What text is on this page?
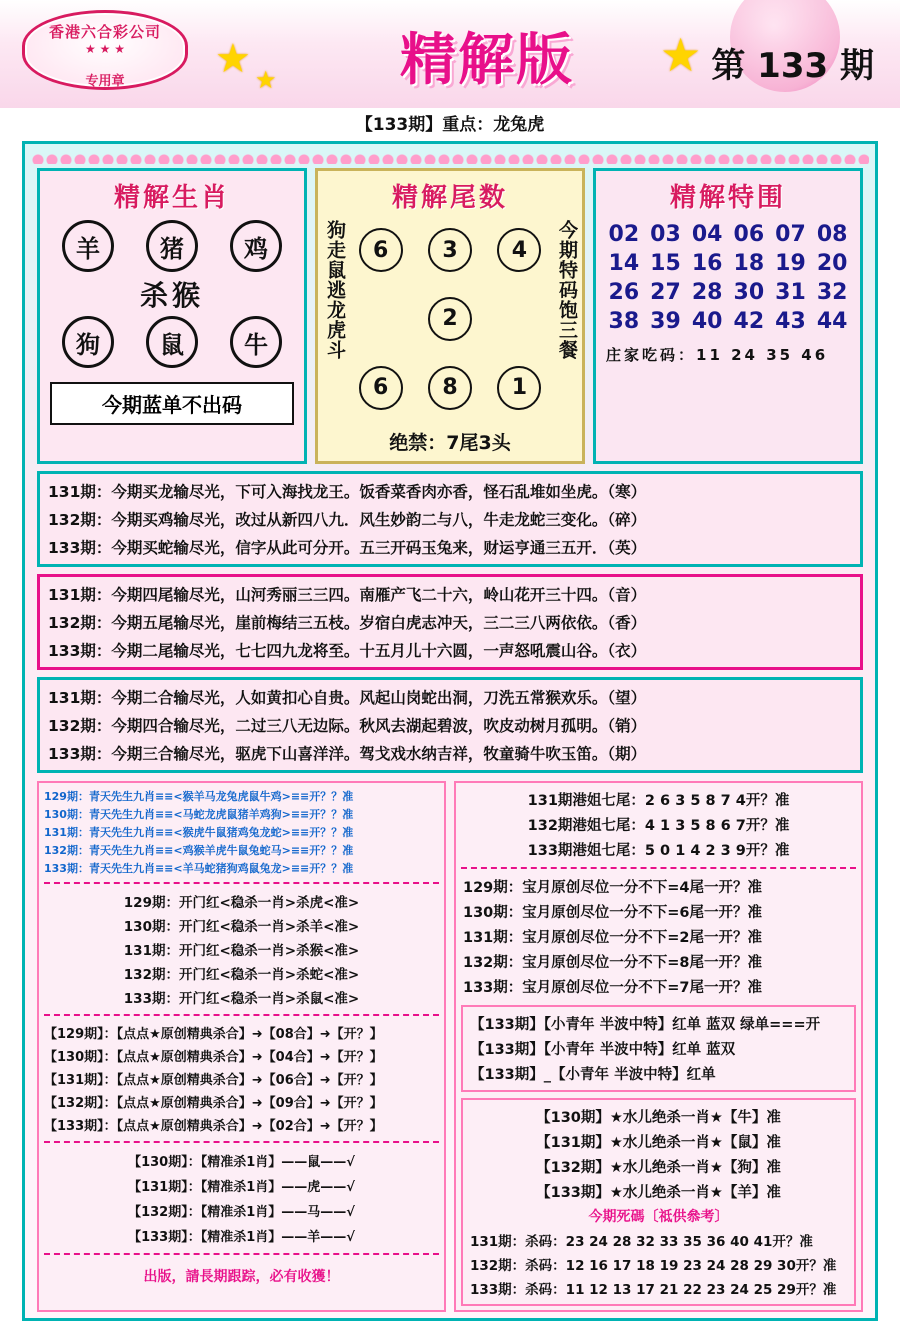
香港六合彩公司
★ ★ ★
专用章	★ ★	★
精解版	第 133 期
【133期】重点：龙兔虎
精解生肖
羊	猪	鸡
杀猴
狗	鼠	牛
今期蓝单不出码
精解尾数
狗走鼠逃龙虎斗	6	3	4
2
6	8	1
今期特码饱三餐
绝禁：7尾3头
精解特围
02 03 04 06 07 08
14 15 16 18 19 20
26 27 28 30 31 32
38 39 40 42 43 44
庄家吃码：11 24 35 46
131期：今期买龙输尽光，下可入海找龙王。饭香菜香肉亦香，怪石乱堆如坐虎。（寒）
132期：今期买鸡输尽光，改过从新四八九．风生妙韵二与八，牛走龙蛇三变化。（碎）
133期：今期买蛇输尽光，信字从此可分开。五三开码玉兔来，财运亨通三五开．（英）
131期：今期四尾输尽光，山河秀丽三三四。南雁产飞二十六，岭山花开三十四。（音）
132期：今期五尾输尽光，崖前梅结三五枝。岁宿白虎志冲天，三二三八两依依。（香）
133期：今期二尾输尽光，七七四九龙将至。十五月儿十六圆，一声怒吼震山谷。（衣）
131期：今期二合输尽光，人如黄扣心自贵。风起山岗蛇出洞，刀洗五常猴欢乐。（望）
132期：今期四合输尽光，二过三八无边际。秋风去湖起碧波，吹皮动树月孤明。（销）
133期：今期三合输尽光，驱虎下山喜洋洋。驾戈戏水纳吉祥，牧童骑牛吹玉笛。（期）
129期：青天先生九肖≡≡<猴羊马龙兔虎鼠牛鸡>≡≡开？？准
130期：青天先生九肖≡≡<马蛇龙虎鼠猪羊鸡狗>≡≡开？？准
131期：青天先生九肖≡≡<猴虎牛鼠猪鸡兔龙蛇>≡≡开？？准
132期：青天先生九肖≡≡<鸡猴羊虎牛鼠兔蛇马>≡≡开？？准
133期：青天先生九肖≡≡<羊马蛇猪狗鸡鼠兔龙>≡≡开？？准
129期：开门红<稳杀一肖>杀虎<准>
130期：开门红<稳杀一肖>杀羊<准>
131期：开门红<稳杀一肖>杀猴<准>
132期：开门红<稳杀一肖>杀蛇<准>
133期：开门红<稳杀一肖>杀鼠<准>
【129期】：【点点★原创精典杀合】➜【08合】➜【开？】
【130期】：【点点★原创精典杀合】➜【04合】➜【开？】
【131期】：【点点★原创精典杀合】➜【06合】➜【开？】
【132期】：【点点★原创精典杀合】➜【09合】➜【开？】
【133期】：【点点★原创精典杀合】➜【02合】➜【开？】
【130期】：【精准杀1肖】——鼠——√
【131期】：【精准杀1肖】——虎——√
【132期】：【精准杀1肖】——马——√
【133期】：【精准杀1肖】——羊——√
出版，請長期跟踪，必有收獲！
131期港姐七尾：2 6 3 5 8 7 4开？准
132期港姐七尾：4 1 3 5 8 6 7开？准
133期港姐七尾：5 0 1 4 2 3 9开？准
129期：宝月原创尽位一分不下=4尾一开？准
130期：宝月原创尽位一分不下=6尾一开？准
131期：宝月原创尽位一分不下=2尾一开？准
132期：宝月原创尽位一分不下=8尾一开？准
133期：宝月原创尽位一分不下=7尾一开？准
【133期】【小青年 半波中特】红单 蓝双 绿单===开
【133期】【小青年 半波中特】红单 蓝双
【133期】_【小青年 半波中特】红单
【130期】★水儿绝杀一肖★【牛】准
【131期】★水儿绝杀一肖★【鼠】准
【132期】★水儿绝杀一肖★【狗】准
【133期】★水儿绝杀一肖★【羊】准
今期死碼〔祗供叅考〕
131期：杀码：23 24 28 32 33 35 36 40 41开？准
132期：杀码：12 16 17 18 19 23 24 28 29 30开？准
133期：杀码：11 12 13 17 21 22 23 24 25 29开？准
